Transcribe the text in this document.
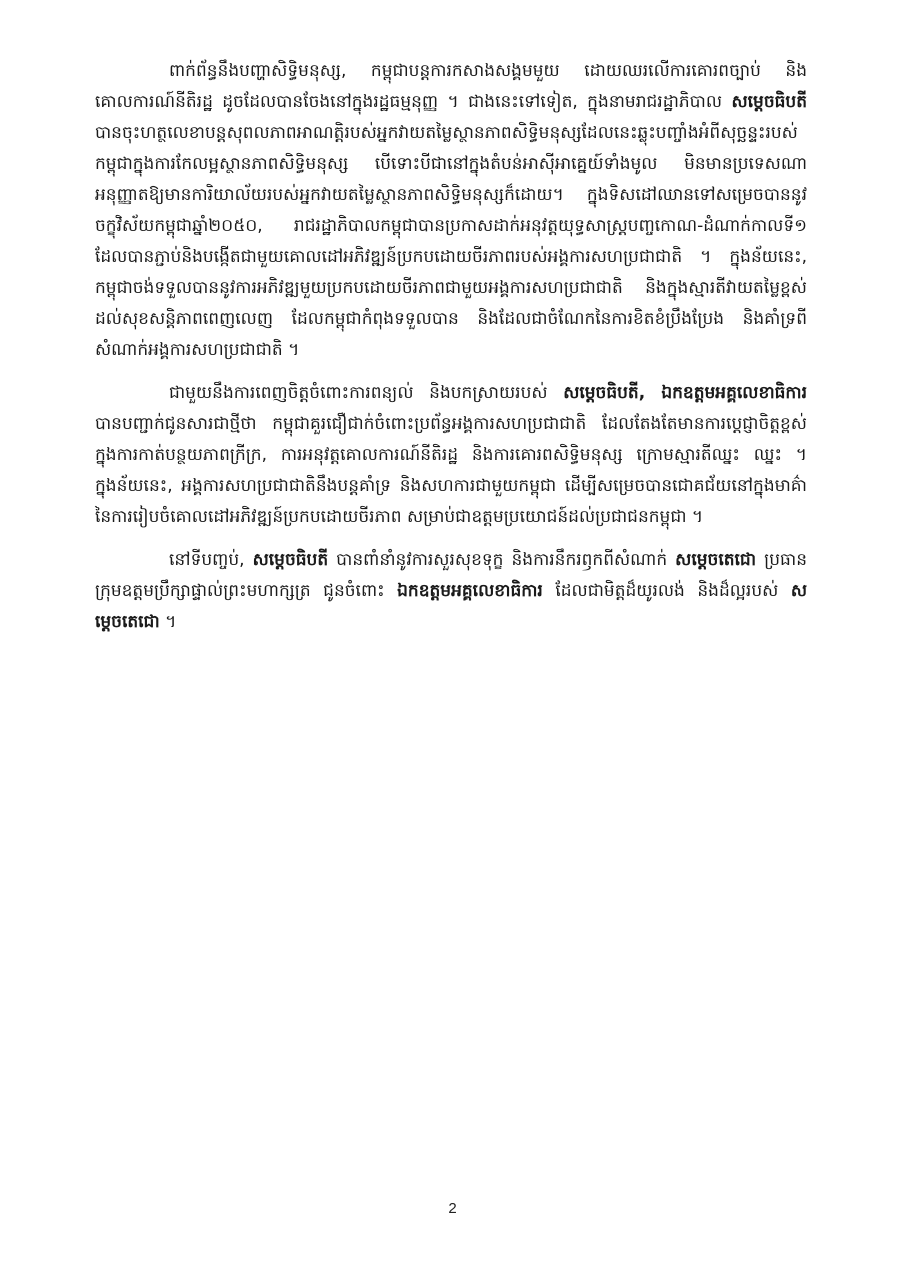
ពាក់ព័ន្ធនឹងបញ្ហាសិទ្ធិមនុស្ស, កម្ពុជាបន្តការកសាងសង្គមមួយ ដោយឈរលើការគោរពច្បាប់ និងគោលការណ៍នីតិរដ្ឋ ដូចដែលបានចែងនៅក្នុងរដ្ឋធម្មនុញ្ញ ។ ជាងនេះទៅទៀត, ក្នុងនាមរាជរដ្ឋាភិបាល សម្តេចធិបតី បានចុះហត្ថលេខាបន្តសុពលភាពអាណត្តិរបស់អ្នកវាយតម្លៃស្ថានភាពសិទ្ធិមនុស្សដែលនេះឆ្លុះបញ្ចាំងអំពីសុច្ឆន្ទះរបស់កម្ពុជាក្នុងការកែលម្អស្ថានភាពសិទ្ធិមនុស្ស បើទោះបីជានៅក្នុងតំបន់អាស៊ីអាគ្នេយ៍ទាំងមូល មិនមានប្រទេសណាអនុញ្ញាតឱ្យមានការិយាល័យរបស់អ្នកវាយតម្លៃស្ថានភាពសិទ្ធិមនុស្សក៏ដោយ។ ក្នុងទិសដៅឈានទៅសម្រេចបាននូវចក្ខុវិស័យកម្ពុជាឆ្នាំ២០៥០, រាជរដ្ឋាភិបាលកម្ពុជាបានប្រកាសដាក់អនុវត្តយុទ្ធសាស្រ្តបញ្ចកោណ-ដំណាក់កាលទី១ ដែលបានភ្ជាប់និងបង្កើតជាមួយគោលដៅអភិវឌ្ឍន៍ប្រកបដោយចីរភាពរបស់អង្គការសហប្រជាជាតិ ។ ក្នុងន័យនេះ, កម្ពុជាចង់ទទួលបាននូវការអភិវឌ្ឍមួយប្រកបដោយចីរភាពជាមួយអង្គការសហប្រជាជាតិ និងក្នុងស្មារតីវាយតម្លៃខ្ពស់ដល់សុខសន្តិភាពពេញលេញ ដែលកម្ពុជាកំពុងទទួលបាន និងដែលជាចំណែកនៃការខិតខំប្រឹងប្រែង និងគាំទ្រពីសំណាក់អង្គការសហប្រជាជាតិ ។

ជាមួយនឹងការពេញចិត្តចំពោះការពន្យល់ និងបកស្រាយរបស់ សម្តេចធិបតី, ឯកឧត្តមអគ្គលេខាធិការ បានបញ្ជាក់ជូនសារជាថ្មីថា កម្ពុជាគួរជឿជាក់ចំពោះប្រព័ន្ធអង្គការសហប្រជាជាតិ ដែលតែងតែមានការប្តេជ្ញាចិត្តខ្ពស់ ក្នុងការកាត់បន្ថយភាពក្រីក្រ, ការអនុវត្តគោលការណ៍នីតិរដ្ឋ និងការគោរពសិទ្ធិមនុស្ស ក្រោមស្មារតីឈ្នះ ឈ្នះ ។ ក្នុងន័យនេះ, អង្គការសហប្រជាជាតិនឹងបន្តគាំទ្រ និងសហការជាមួយកម្ពុជា ដើម្បីសម្រេចបានជោគជ័យនៅក្នុងមាគ៌ានៃការរៀបចំគោលដៅអភិវឌ្ឍន៍ប្រកបដោយចីរភាព សម្រាប់ជាឧត្តមប្រយោជន៍ដល់ប្រជាជនកម្ពុជា ។

នៅទីបញ្ចប់, សម្តេចធិបតី បានពាំនាំនូវការសួរសុខទុក្ខ និងការនឹករឭកពីសំណាក់ សម្តេចតេជោ ប្រធានក្រុមឧត្តមប្រឹក្សាផ្ទាល់ព្រះមហាក្សត្រ ជូនចំពោះ ឯកឧត្តមអគ្គលេខាធិការ ដែលជាមិត្តដ៏យូរលង់ និងដ៏ល្អរបស់ សម្តេចតេជោ ។

2
